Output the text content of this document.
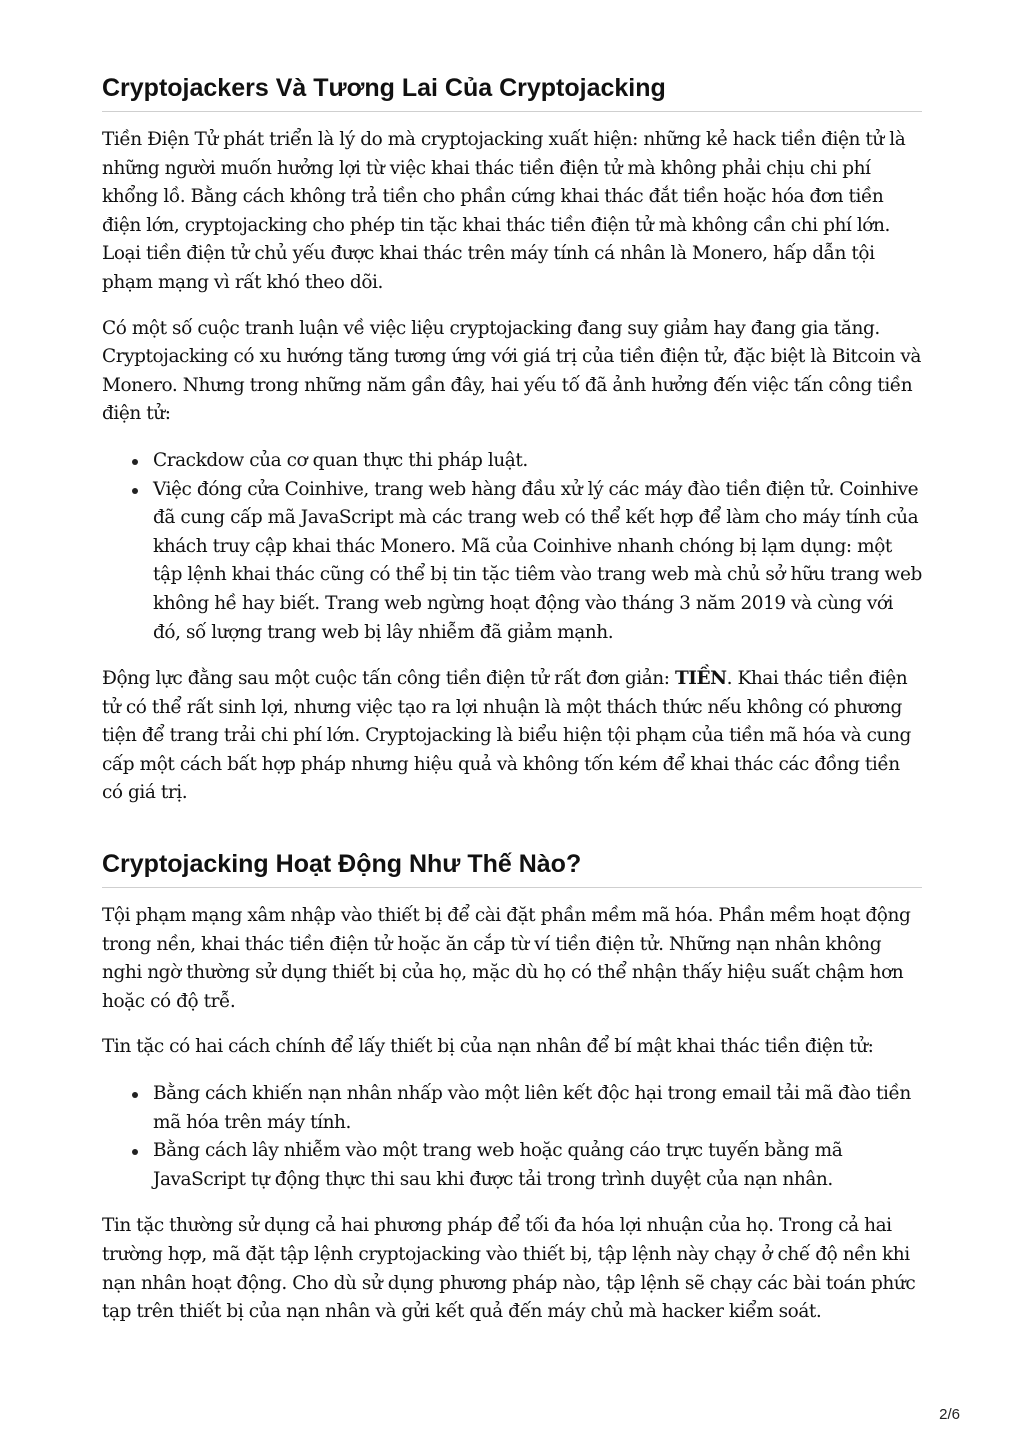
Cryptojackers Và Tương Lai Của Cryptojacking

Tiền Điện Tử phát triển là lý do mà cryptojacking xuất hiện: những kẻ hack tiền điện tử là những người muốn hưởng lợi từ việc khai thác tiền điện tử mà không phải chịu chi phí khổng lồ. Bằng cách không trả tiền cho phần cứng khai thác đắt tiền hoặc hóa đơn tiền điện lớn, cryptojacking cho phép tin tặc khai thác tiền điện tử mà không cần chi phí lớn. Loại tiền điện tử chủ yếu được khai thác trên máy tính cá nhân là Monero, hấp dẫn tội phạm mạng vì rất khó theo dõi.

Có một số cuộc tranh luận về việc liệu cryptojacking đang suy giảm hay đang gia tăng. Cryptojacking có xu hướng tăng tương ứng với giá trị của tiền điện tử, đặc biệt là Bitcoin và Monero. Nhưng trong những năm gần đây, hai yếu tố đã ảnh hưởng đến việc tấn công tiền điện tử:

Crackdow của cơ quan thực thi pháp luật.
Việc đóng cửa Coinhive, trang web hàng đầu xử lý các máy đào tiền điện tử. Coinhive đã cung cấp mã JavaScript mà các trang web có thể kết hợp để làm cho máy tính của khách truy cập khai thác Monero. Mã của Coinhive nhanh chóng bị lạm dụng: một tập lệnh khai thác cũng có thể bị tin tặc tiêm vào trang web mà chủ sở hữu trang web không hề hay biết. Trang web ngừng hoạt động vào tháng 3 năm 2019 và cùng với đó, số lượng trang web bị lây nhiễm đã giảm mạnh.

Động lực đằng sau một cuộc tấn công tiền điện tử rất đơn giản: TIỀN. Khai thác tiền điện tử có thể rất sinh lợi, nhưng việc tạo ra lợi nhuận là một thách thức nếu không có phương tiện để trang trải chi phí lớn. Cryptojacking là biểu hiện tội phạm của tiền mã hóa và cung cấp một cách bất hợp pháp nhưng hiệu quả và không tốn kém để khai thác các đồng tiền có giá trị.

Cryptojacking Hoạt Động Như Thế Nào?

Tội phạm mạng xâm nhập vào thiết bị để cài đặt phần mềm mã hóa. Phần mềm hoạt động trong nền, khai thác tiền điện tử hoặc ăn cắp từ ví tiền điện tử. Những nạn nhân không nghi ngờ thường sử dụng thiết bị của họ, mặc dù họ có thể nhận thấy hiệu suất chậm hơn hoặc có độ trễ.

Tin tặc có hai cách chính để lấy thiết bị của nạn nhân để bí mật khai thác tiền điện tử:

Bằng cách khiến nạn nhân nhấp vào một liên kết độc hại trong email tải mã đào tiền mã hóa trên máy tính.
Bằng cách lây nhiễm vào một trang web hoặc quảng cáo trực tuyến bằng mã JavaScript tự động thực thi sau khi được tải trong trình duyệt của nạn nhân.

Tin tặc thường sử dụng cả hai phương pháp để tối đa hóa lợi nhuận của họ. Trong cả hai trường hợp, mã đặt tập lệnh cryptojacking vào thiết bị, tập lệnh này chạy ở chế độ nền khi nạn nhân hoạt động. Cho dù sử dụng phương pháp nào, tập lệnh sẽ chạy các bài toán phức tạp trên thiết bị của nạn nhân và gửi kết quả đến máy chủ mà hacker kiểm soát.

2/6
